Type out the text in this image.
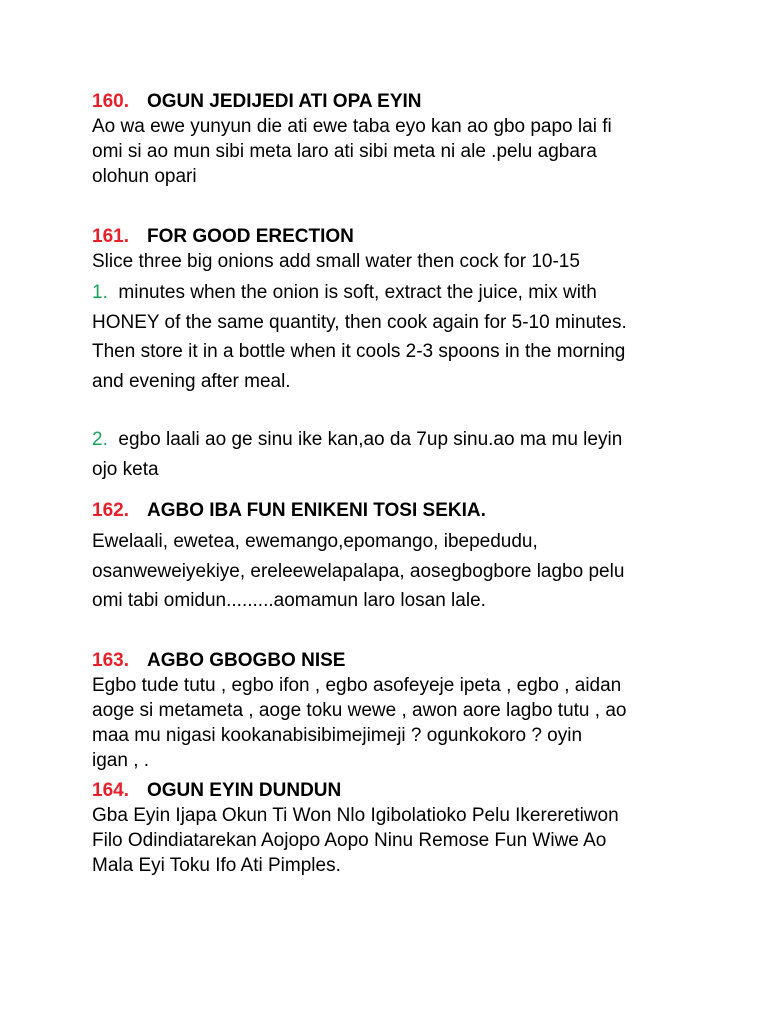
160. OGUN JEDIJEDI ATI OPA EYIN

Ao wa ewe yunyun die ati ewe taba eyo kan ao gbo papo lai fi
omi si ao mun sibi meta laro ati sibi meta ni ale .pelu agbara
olohun opari

161. FOR GOOD ERECTION

Slice three big onions add small water then cock for 10-15

1. minutes when the onion is soft, extract the juice, mix with
HONEY of the same quantity, then cook again for 5-10 minutes.
Then store it in a bottle when it cools 2-3 spoons in the morning
and evening after meal.

2. egbo laali ao ge sinu ike kan,ao da 7up sinu.ao ma mu leyin
ojo keta

162. AGBO IBA FUN ENIKENI TOSI SEKIA.

Ewelaali, ewetea, ewemango,epomango, ibepedudu,
osanweweiyekiye, ereleewelapalapa, aosegbogbore lagbo pelu
omi tabi omidun.........aomamun laro losan lale.

163. AGBO GBOGBO NISE

Egbo tude tutu , egbo ifon , egbo asofeyeje ipeta , egbo , aidan
aoge si metameta , aoge toku wewe , awon aore lagbo tutu , ao
maa mu nigasi kookanabisibimejimeji ? ogunkokoro ? oyin
igan , .

164. OGUN EYIN DUNDUN

Gba Eyin Ijapa Okun Ti Won Nlo Igibolatioko Pelu Ikereretiwon
Filo Odindiatarekan Aojopo Aopo Ninu Remose Fun Wiwe Ao
Mala Eyi Toku Ifo Ati Pimples.
